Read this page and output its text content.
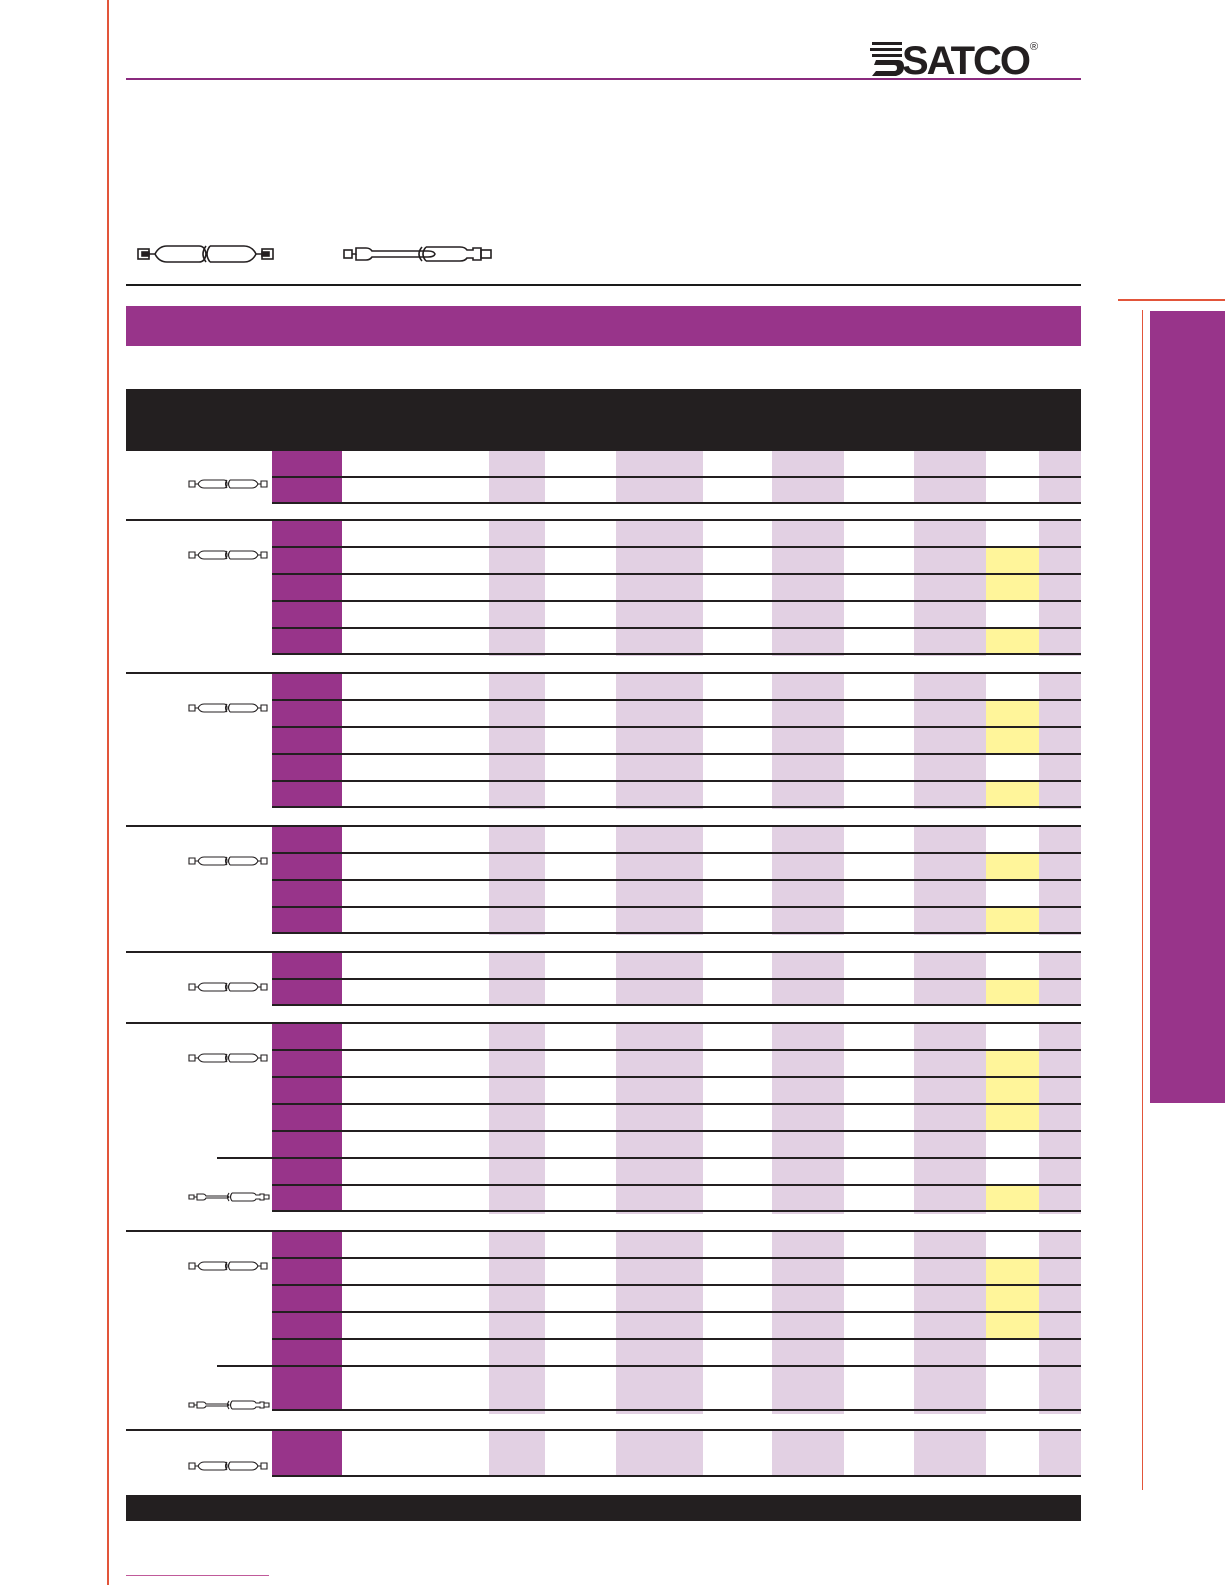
SATCO ®
